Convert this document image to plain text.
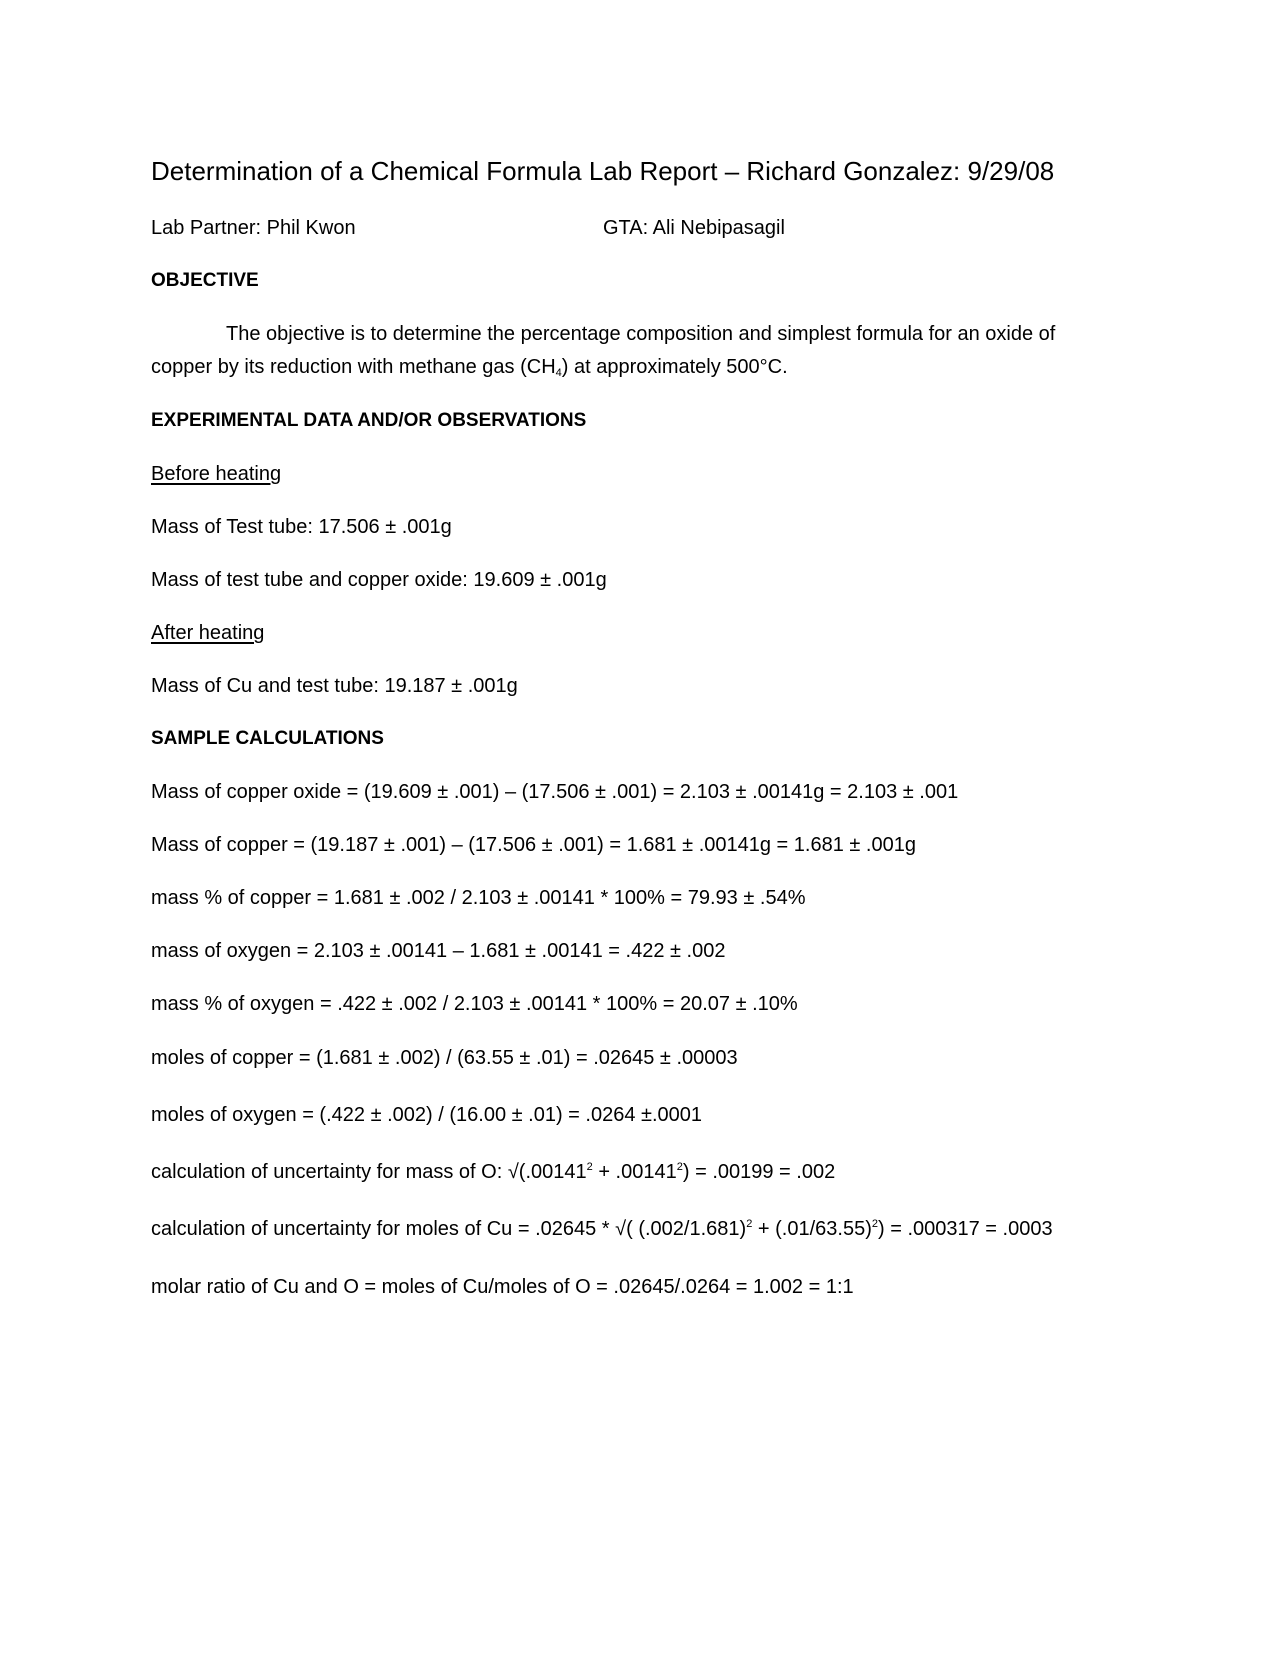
Determination of a Chemical Formula Lab Report – Richard Gonzalez: 9/29/08
Lab Partner: Phil Kwon	GTA: Ali Nebipasagil
OBJECTIVE
The objective is to determine the percentage composition and simplest formula for an oxide of
copper by its reduction with methane gas $(CH_4)$ at approximately 500°C.
EXPERIMENTAL DATA AND/OR OBSERVATIONS
Before heating
Mass of Test tube: 17.506 ± .001g
Mass of test tube and copper oxide: 19.609 ± .001g
After heating
Mass of Cu and test tube: 19.187 ± .001g
SAMPLE CALCULATIONS
Mass of copper oxide = (19.609 ± .001) – (17.506 ± .001) = 2.103 ± .00141g = 2.103 ± .001
Mass of copper = (19.187 ± .001) – (17.506 ± .001) = 1.681 ± .00141g = 1.681 ± .001g
mass % of copper = 1.681 ± .002 / 2.103 ± .00141 * 100% = 79.93 ± .54%
mass of oxygen = 2.103 ± .00141 – 1.681 ± .00141 = .422 ± .002
mass % of oxygen = .422 ± .002 / 2.103 ± .00141 * 100% = 20.07 ± .10%
moles of copper = (1.681 ± .002) / (63.55 ± .01) = .02645 ± .00003
moles of oxygen = (.422 ± .002) / (16.00 ± .01) = .0264 ±.0001
calculation of uncertainty for mass of O: $√(.00141^2 + .00141^2) = .00199 = .002$
calculation of uncertainty for moles of Cu = .02645 * √( $(.002/1.681)^2 + (.01/63.55)^2) = .000317 = .0003$
molar ratio of Cu and O = moles of Cu/moles of O = .02645/.0264 = 1.002 = 1:1
